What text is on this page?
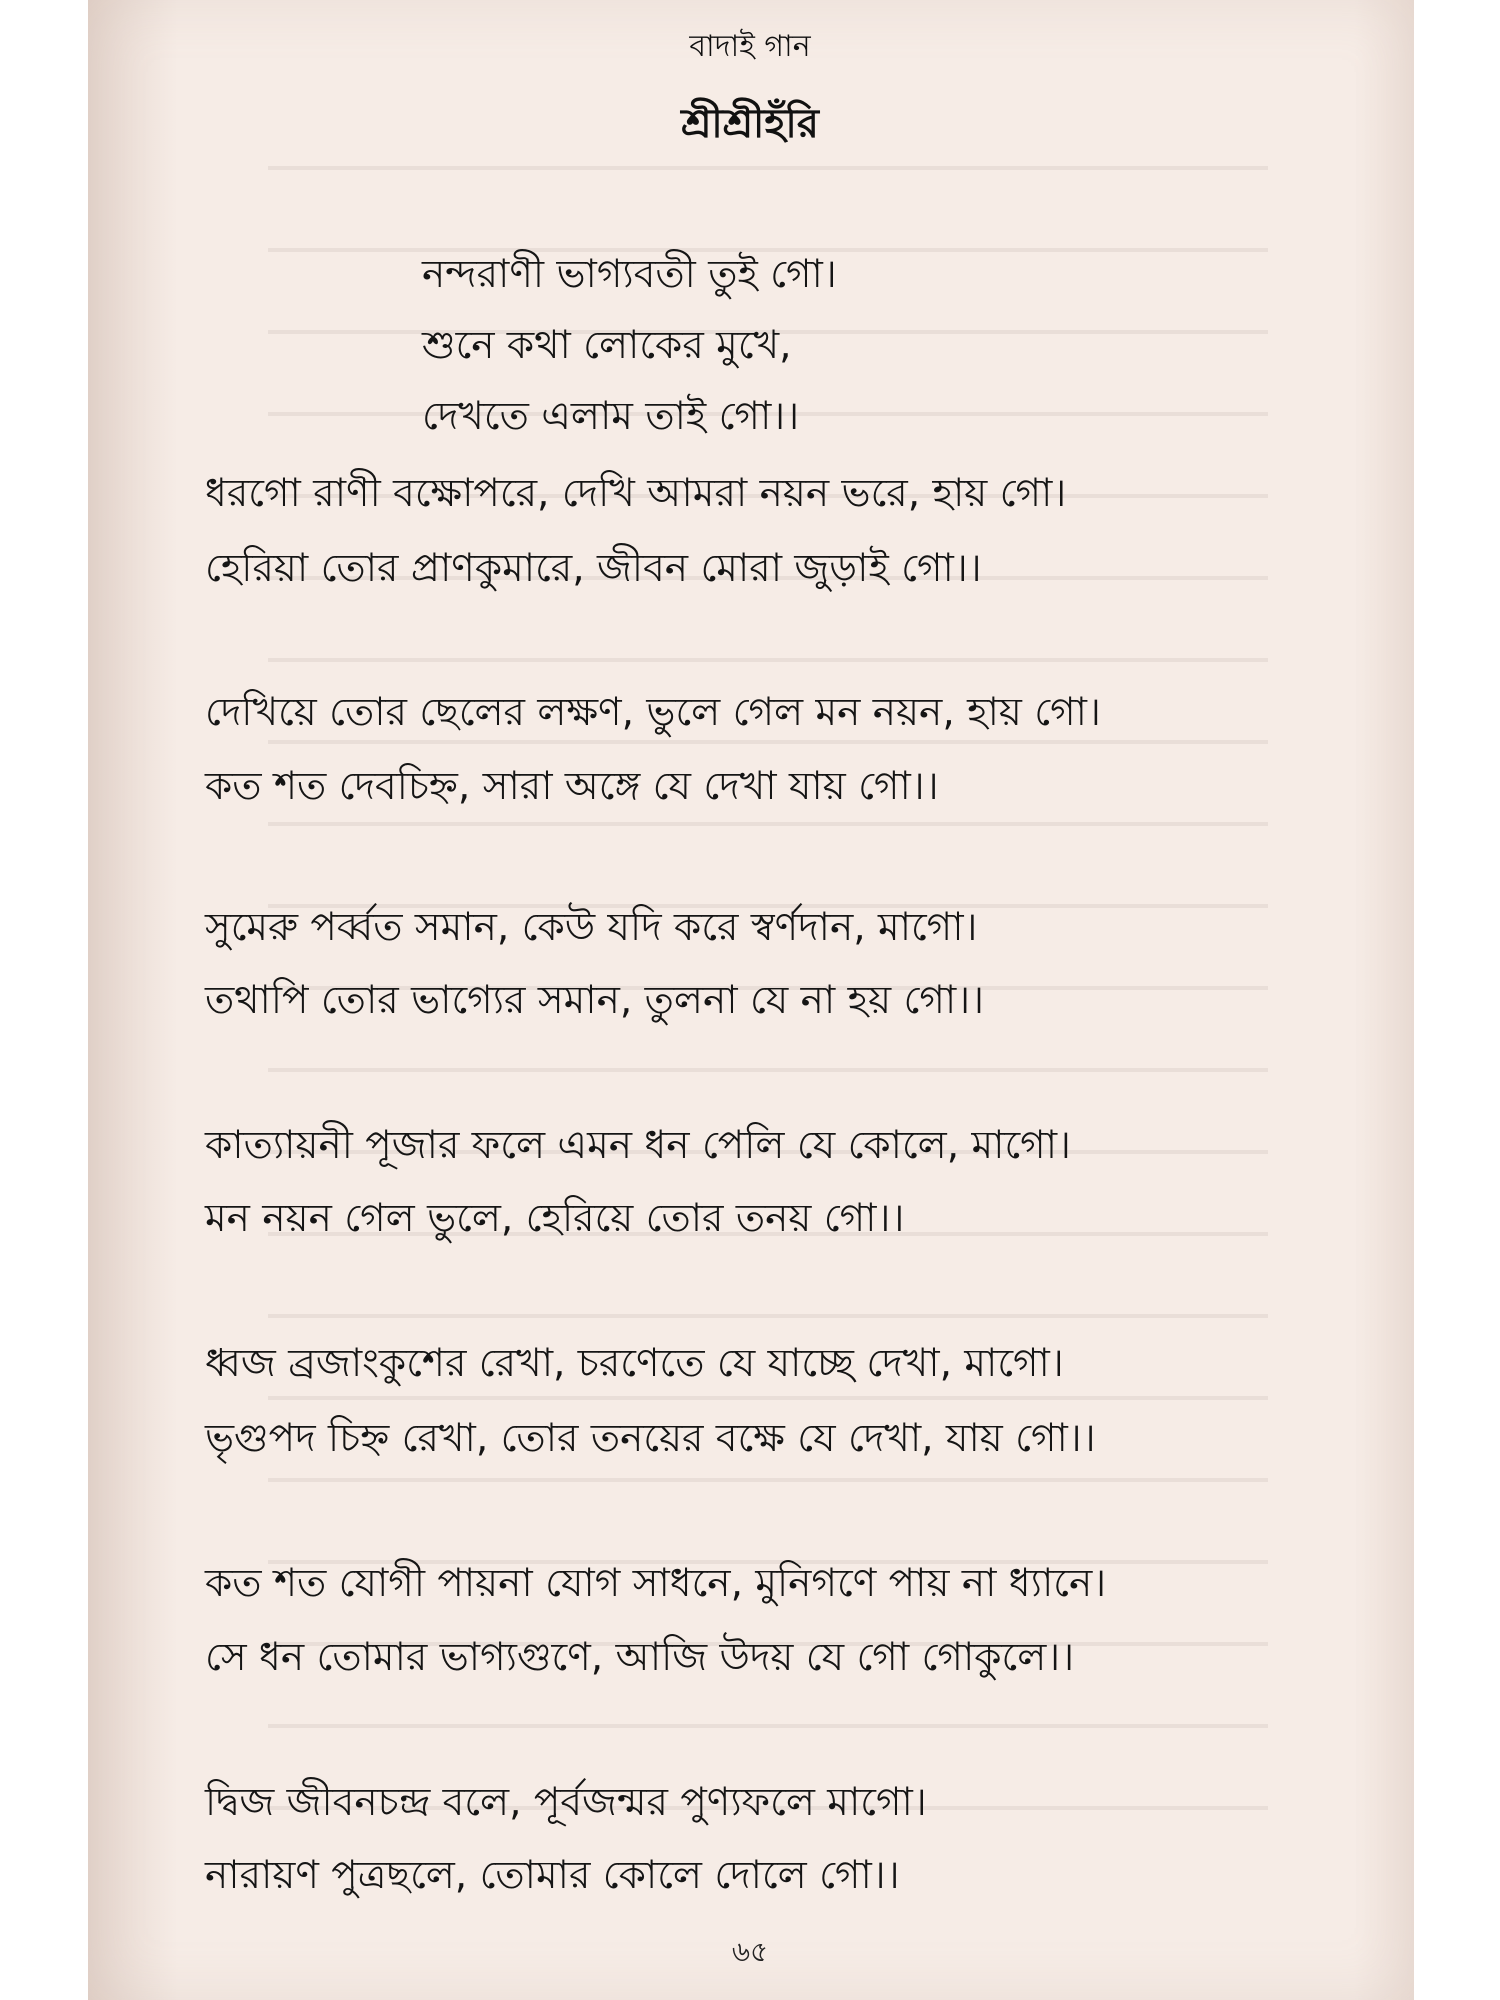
বাদাই গান
শ্রীশ্রীহঁরি
নন্দরাণী ভাগ্যবতী তুই গো।
শুনে কথা লোকের মুখে,
দেখতে এলাম তাই গো।।
ধরগো রাণী বক্ষোপরে, দেখি আমরা নয়ন ভরে, হায় গো।
হেরিয়া তোর প্রাণকুমারে, জীবন মোরা জুড়াই গো।।
দেখিয়ে তোর ছেলের লক্ষণ, ভুলে গেল মন নয়ন, হায় গো।
কত শত দেবচিহ্ন, সারা অঙ্গে যে দেখা যায় গো।।
সুমেরু পর্ব্বত সমান, কেউ যদি করে স্বর্ণদান, মাগো।
তথাপি তোর ভাগ্যের সমান, তুলনা যে না হয় গো।।
কাত্যায়নী পূজার ফলে এমন ধন পেলি যে কোলে, মাগো।
মন নয়ন গেল ভুলে, হেরিয়ে তোর তনয় গো।।
ধ্বজ ব্রজাংকুশের রেখা, চরণেতে যে যাচ্ছে দেখা, মাগো।
ভৃগুপদ চিহ্ন রেখা, তোর তনয়ের বক্ষে যে দেখা, যায় গো।।
কত শত যোগী পায়না যোগ সাধনে, মুনিগণে পায় না ধ্যানে।
সে ধন তোমার ভাগ্যগুণে, আজি উদয় যে গো গোকুলে।।
দ্বিজ জীবনচন্দ্র বলে, পূর্বজন্মর পুণ্যফলে মাগো।
নারায়ণ পুত্রছলে, তোমার কোলে দোলে গো।।
৬৫
